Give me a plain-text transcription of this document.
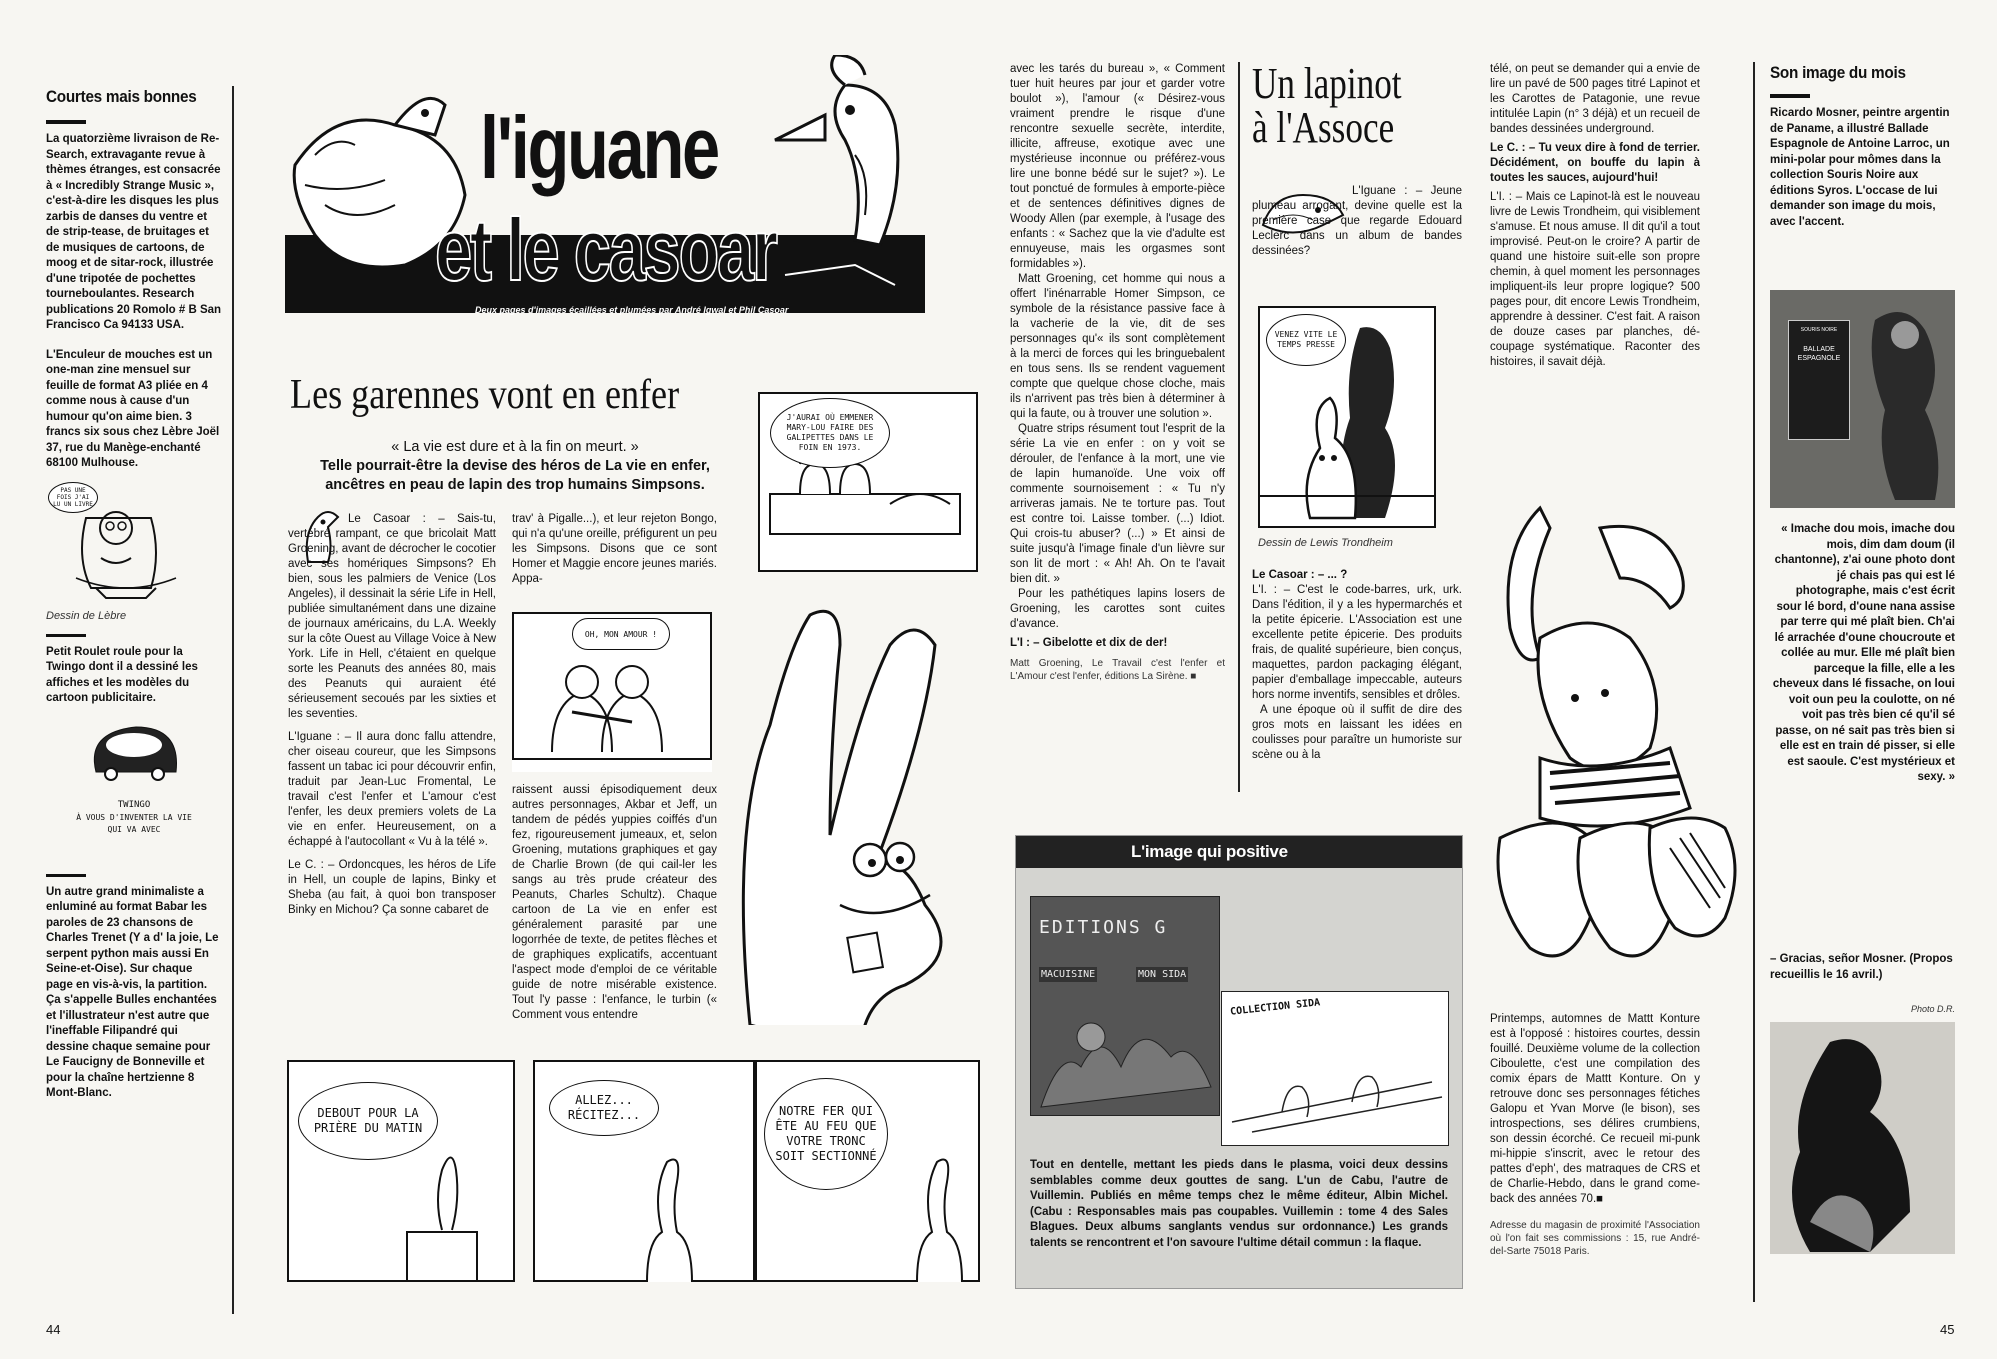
Courtes mais bonnes
La quatorzième livraison de Re-Search, extravagante revue à thèmes étranges, est consacrée à « Incredibly Strange Music », c'est-à-dire les disques les plus zarbis de danses du ventre et de strip-tease, de bruitages et de musiques de cartoons, de moog et de sitar-rock, illustrée d'une tripotée de pochettes tourneboulantes. Research publications 20 Romolo # B San Francisco Ca 94133 USA.
L'Enculeur de mouches est un one-man zine mensuel sur feuille de format A3 pliée en 4 comme nous à cause d'un humour qu'on aime bien. 3 francs six sous chez Lèbre Joël 37, rue du Manège-enchanté 68100 Mulhouse.
PAS UNE FOIS J'AI LU UN LIVRE
Dessin de Lèbre
Petit Roulet roule pour la Twingo dont il a dessiné les affiches et les modèles du cartoon publicitaire.
TWINGO
À VOUS D'INVENTER LA VIE QUI VA AVEC
Un autre grand minimaliste a enluminé au format Babar les paroles de 23 chansons de Charles Trenet (Y a d' la joie, Le serpent python mais aussi En Seine-et-Oise). Sur chaque page en vis-à-vis, la partition. Ça s'appelle Bulles enchantées et l'illustrateur n'est autre que l'ineffable Filipandré qui dessine chaque semaine pour Le Faucigny de Bonneville et pour la chaîne hertzienne 8 Mont-Blanc.
l'iguane
et le casoar
Deux pages d'images écaillées et plumées par André Igwal et Phil Casoar
Les garennes vont en enfer
« La vie est dure et à la fin on meurt. »
Telle pourrait-être la devise des héros de La vie en enfer,
ancêtres en peau de lapin des trop humains Simpsons.
J'AURAI OÙ EMMENER MARY-LOU FAIRE DES GALIPETTES DANS LE FOIN EN 1973.

Le Casoar : – Sais-tu, vertébré rampant, ce que bricolait Matt Groening, avant de décrocher le cocotier avec ses homériques Simpsons? Eh bien, sous les palmiers de Venice (Los Angeles), il dessinait la série Life in Hell, publiée simultanément dans une dizaine de journaux américains, du L.A. Weekly sur la côte Ouest au Village Voice à New York. Life in Hell, c'étaient en quelque sorte les Peanuts des années 80, mais des Peanuts qui auraient été sérieusement secoués par les sixties et les seventies.

L'Iguane : – Il aura donc fallu attendre, cher oiseau coureur, que les Simpsons fassent un tabac ici pour découvrir enfin, traduit par Jean-Luc Fromental, Le travail c'est l'enfer et L'amour c'est l'enfer, les deux premiers volets de La vie en enfer. Heureusement, on a échappé à l'autocollant « Vu à la télé ».

Le C. : – Ordoncques, les héros de Life in Hell, un couple de lapins, Binky et Sheba (au fait, à quoi bon transposer Binky en Michou? Ça sonne cabaret de

trav' à Pigalle...), et leur rejeton Bongo, qui n'a qu'une oreille, préfigurent un peu les Simpsons. Disons que ce sont Homer et Maggie encore jeunes mariés. Appa-
OH, MON AMOUR !
raissent aussi épisodiquement deux autres personnages, Akbar et Jeff, un tandem de pédés yuppies coiffés d'un fez, rigoureusement jumeaux, et, selon Groening, mutations graphiques et gay de Charlie Brown (de qui cail-ler les sangs au très prude créateur des Peanuts, Charles Schultz). Chaque cartoon de La vie en enfer est généralement parasité par une logorrhée de texte, de petites flèches et de graphiques explicatifs, accentuant l'aspect mode d'emploi de ce véritable guide de notre misérable existence. Tout l'y passe : l'enfance, le turbin (« Comment vous entendre
DEBOUT POUR LA PRIÈRE DU MATIN
ALLEZ... RÉCITEZ...	NOTRE FER QUI ÊTE AU FEU QUE VOTRE TRONC SOIT SECTIONNÉ
44

avec les tarés du bureau », « Comment tuer huit heures par jour et garder votre boulot »), l'amour (« Désirez-vous vraiment prendre le risque d'une rencontre sexuelle secrète, interdite, illicite, affreuse, exotique avec une mystérieuse inconnue ou préférez-vous lire une bonne bédé sur le sujet? »). Le tout ponctué de formules à emporte-pièce et de sentences définitives dignes de Woody Allen (par exemple, à l'usage des enfants : « Sachez que la vie d'adulte est ennuyeuse, mais les orgasmes sont formidables »).

Matt Groening, cet homme qui nous a offert l'inénarrable Homer Simpson, ce symbole de la résistance passive face à la vacherie de la vie, dit de ses personnages qu'« ils sont complètement à la merci de forces qui les bringuebalent en tous sens. Ils se rendent vaguement compte que quelque chose cloche, mais ils n'arrivent pas très bien à déterminer à qui la faute, ou à trouver une solution ».

Quatre strips résument tout l'esprit de la série La vie en enfer : on y voit se dérouler, de l'enfance à la mort, une vie de lapin humanoïde. Une voix off commente sournoisement : « Tu n'y arriveras jamais. Ne te torture pas. Tout est contre toi. Laisse tomber. (...) Idiot. Qui crois-tu abuser? (...) » Et ainsi de suite jusqu'à l'image finale d'un lièvre sur son lit de mort : « Ah! Ah. On te l'avait bien dit. »

Pour les pathétiques lapins losers de Groening, les carottes sont cuites d'avance.

L'I : – Gibelotte et dix de der!

Matt Groening, Le Travail c'est l'enfer et L'Amour c'est l'enfer, éditions La Sirène. ■

Un lapinot
à l'Assoce

L'Iguane : – Jeune plumeau arrogant, devine quelle est la première case que regarde Edouard Leclerc dans un album de bandes dessinées?

VENEZ VITE LE TEMPS PRESSE
Dessin de Lewis Trondheim

Le Casoar : – ... ?

L'I. : – C'est le code-barres, urk, urk. Dans l'édition, il y a les hypermarchés et la petite épicerie. L'Association est une excellente petite épicerie. Des produits frais, de qualité supérieure, bien conçus, maquettes, pardon packaging élégant, papier d'emballage impeccable, auteurs hors norme inventifs, sensibles et drôles.

A une époque où il suffit de dire des gros mots en laissant les idées en coulisses pour paraître un humoriste sur scène ou à la

L'image qui positive
EDITIONS G
MACUISINE	MON SIDA
COLLECTION SIDA
Tout en dentelle, mettant les pieds dans le plasma, voici deux dessins semblables comme deux gouttes de sang. L'un de Cabu, l'autre de Vuillemin. Publiés en même temps chez le même éditeur, Albin Michel. (Cabu : Responsables mais pas coupables. Vuillemin : tome 4 des Sales Blagues. Deux albums sanglants vendus sur ordonnance.) Les grands talents se rencontrent et l'on savoure l'ultime détail commun : la flaque.

télé, on peut se demander qui a envie de lire un pavé de 500 pages titré Lapinot et les Carottes de Patagonie, une revue intitulée Lapin (n° 3 déjà) et un recueil de bandes dessinées underground.

Le C. : – Tu veux dire à fond de terrier. Décidément, on bouffe du lapin à toutes les sauces, aujourd'hui!

L'I. : – Mais ce Lapinot-là est le nouveau livre de Lewis Trondheim, qui visiblement s'amuse. Et nous amuse. Il dit qu'il a tout improvisé. Peut-on le croire? A partir de quand une histoire suit-elle son propre chemin, à quel moment les personnages impliquent-ils leur propre logique? 500 pages pour, dit encore Lewis Trondheim, apprendre à dessiner. C'est fait. A raison de douze cases par planches, dé-coupage systématique. Raconter des histoires, il savait déjà.

Printemps, automnes de Mattt Konture est à l'opposé : histoires courtes, dessin fouillé. Deuxième volume de la collection Ciboulette, c'est une compilation des comix épars de Mattt Konture. On y retrouve donc ses personnages fétiches Galopu et Yvan Morve (le bison), ses introspections, ses délires crumbiens, son dessin écorché. Ce recueil mi-punk mi-hippie s'inscrit, avec le retour des pattes d'eph', des matraques de CRS et de Charlie-Hebdo, dans le grand come-back des années 70.■

Adresse du magasin de proximité l'Association où l'on fait ses commissions : 15, rue André-del-Sarte 75018 Paris.

Son image du mois
Ricardo Mosner, peintre argentin de Paname, a illustré Ballade Espagnole de Antoine Larroc, un mini-polar pour mômes dans la collection Souris Noire aux éditions Syros. L'occase de lui demander son image du mois, avec l'accent.
SOURIS NOIRE
BALLADE ESPAGNOLE
« Imache dou mois, imache dou mois, dim dam doum (il chantonne), z'ai oune photo dont jé chais pas qui est lé photographe, mais c'est écrit sour lé bord, d'oune nana assise par terre qui mé plaît bien. Ch'ai lé arrachée d'oune choucroute et collée au mur. Elle mé plaît bien parceque la fille, elle a les cheveux dans lé fissache, on loui voit oun peu la coulotte, on né voit pas très bien cé qu'il sé passe, on né sait pas très bien si elle est en train dé pisser, si elle est saoule. C'est mystérieux et sexy. »
– Gracias, señor Mosner. (Propos recueillis le 16 avril.)
Photo D.R.
45
